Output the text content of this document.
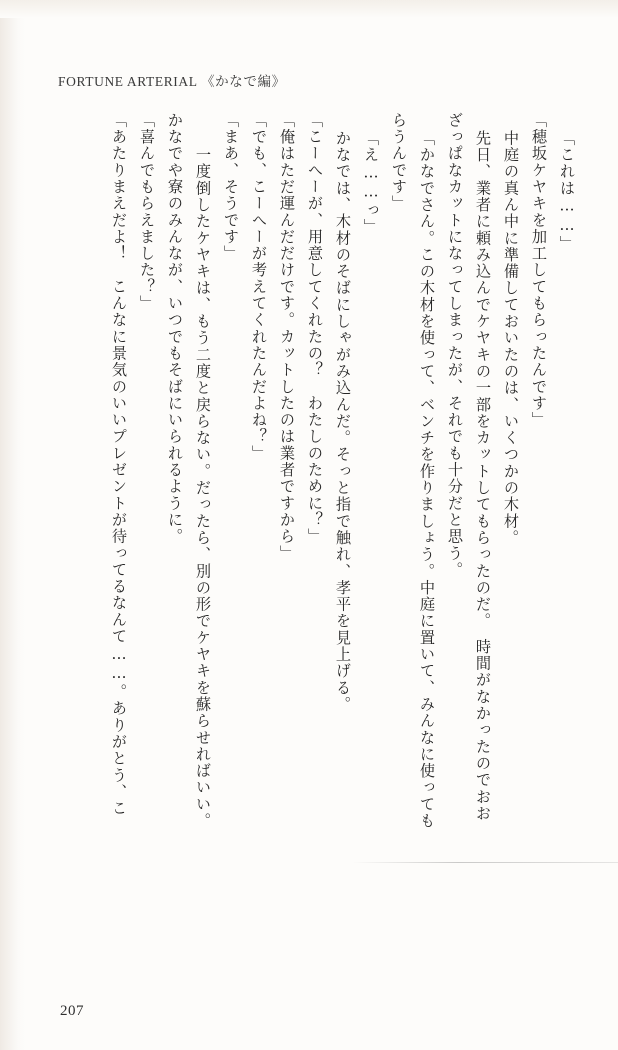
FORTUNE ARTERIAL 《かなで編》
「これは……」
「穂坂ケヤキを加工してもらったんです」
中庭の真ん中に準備しておいたのは、いくつかの木材。
先日、業者に頼み込んでケヤキの一部をカットしてもらったのだ。　時間がなかったのでおお
ざっぱなカットになってしまったが、それでも十分だと思う。
「かなでさん。この木材を使って、ベンチを作りましょう。中庭に置いて、みんなに使っても
らうんです」
「え……っ」
かなでは、木材のそばにしゃがみ込んだ。そっと指で触れ、孝平を見上げる。
「こーへーが、用意してくれたの？　わたしのために？」
「俺はただ運んだだけです。カットしたのは業者ですから」
「でも、こーへーが考えてくれたんだよね？」
「まあ、そうです」
　一度倒したケヤキは、もう二度と戻らない。だったら、別の形でケヤキを蘇らせればいい。
かなでや寮のみんなが、いつでもそばにいられるように。
「喜んでもらえました？」
「あたりまえだよ！　こんなに景気のいいプレゼントが待ってるなんて……。ありがとう、こ
207
